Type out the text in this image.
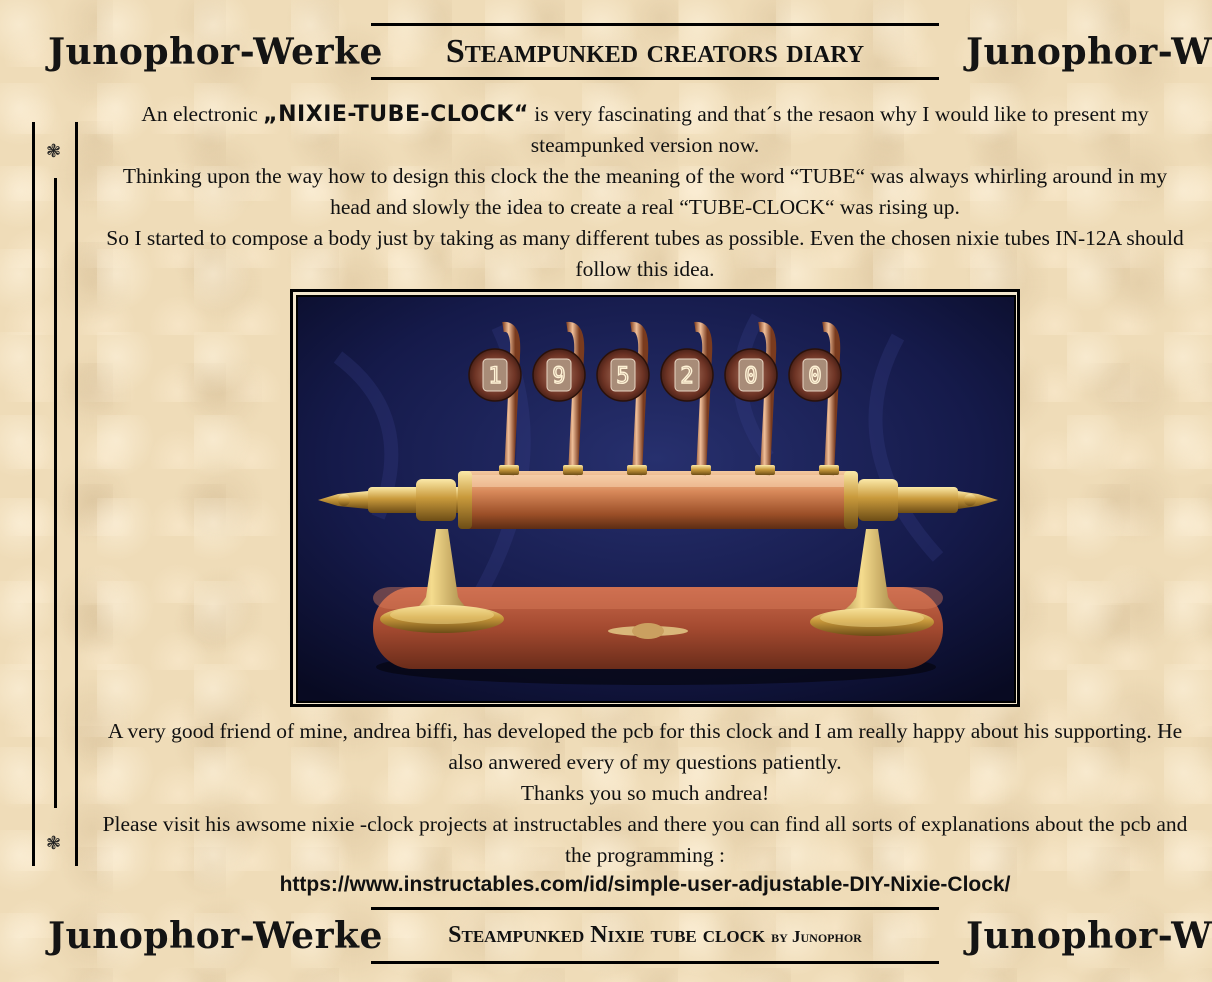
Junophor-Werke	Steampunked creators diary	Junophor-W
❃
❃

An electronic „NIXIE-TUBE-CLOCK“ is very fascinating and that´s the resaon why I would like to present my steampunked version now.

Thinking upon the way how to design this clock the the meaning of the word “TUBE“ was always whirling around in my head and slowly the idea to create a real “TUBE-CLOCK“ was rising up.

So I started to compose a body just by taking as many different tubes as possible. Even the chosen nixie tubes IN-12A should follow this idea.

1 9 5 2 0 0

A very good friend of mine, andrea biffi, has developed the pcb for this clock and I am really happy about his supporting. He also anwered every of my questions patiently.

Thanks you so much andrea!

Please visit his awsome nixie -clock projects at instructables and there you can find all sorts of explanations about the pcb and the programming :

https://www.instructables.com/id/simple-user-adjustable-DIY-Nixie-Clock/
Junophor-Werke	Steampunked Nixie tube clock by Junophor	Junophor-W
